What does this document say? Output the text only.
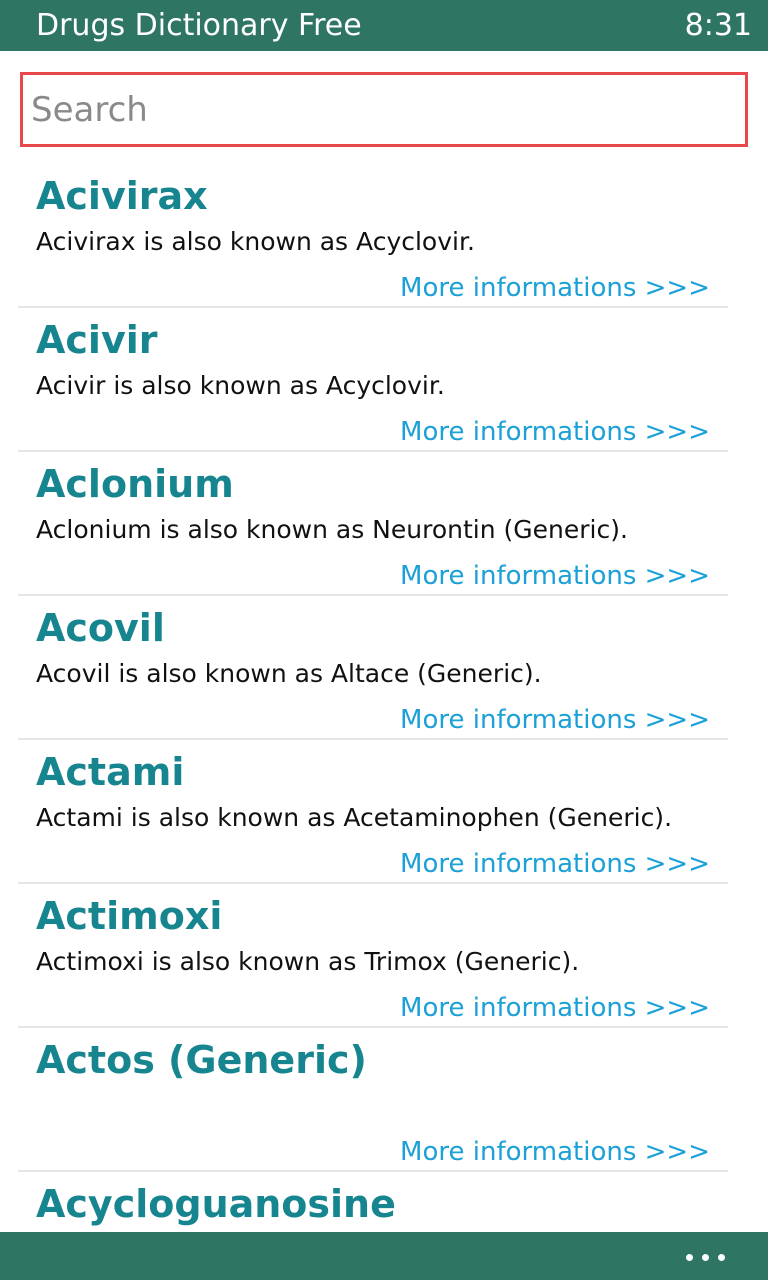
Drugs Dictionary Free	8:31
Search
Acivirax
Acivirax is also known as Acyclovir.
More informations >>>
Acivir
Acivir is also known as Acyclovir.
More informations >>>
Aclonium
Aclonium is also known as Neurontin (Generic).
More informations >>>
Acovil
Acovil is also known as Altace (Generic).
More informations >>>
Actami
Actami is also known as Acetaminophen (Generic).
More informations >>>
Actimoxi
Actimoxi is also known as Trimox (Generic).
More informations >>>
Actos (Generic)
More informations >>>
Acycloguanosine
